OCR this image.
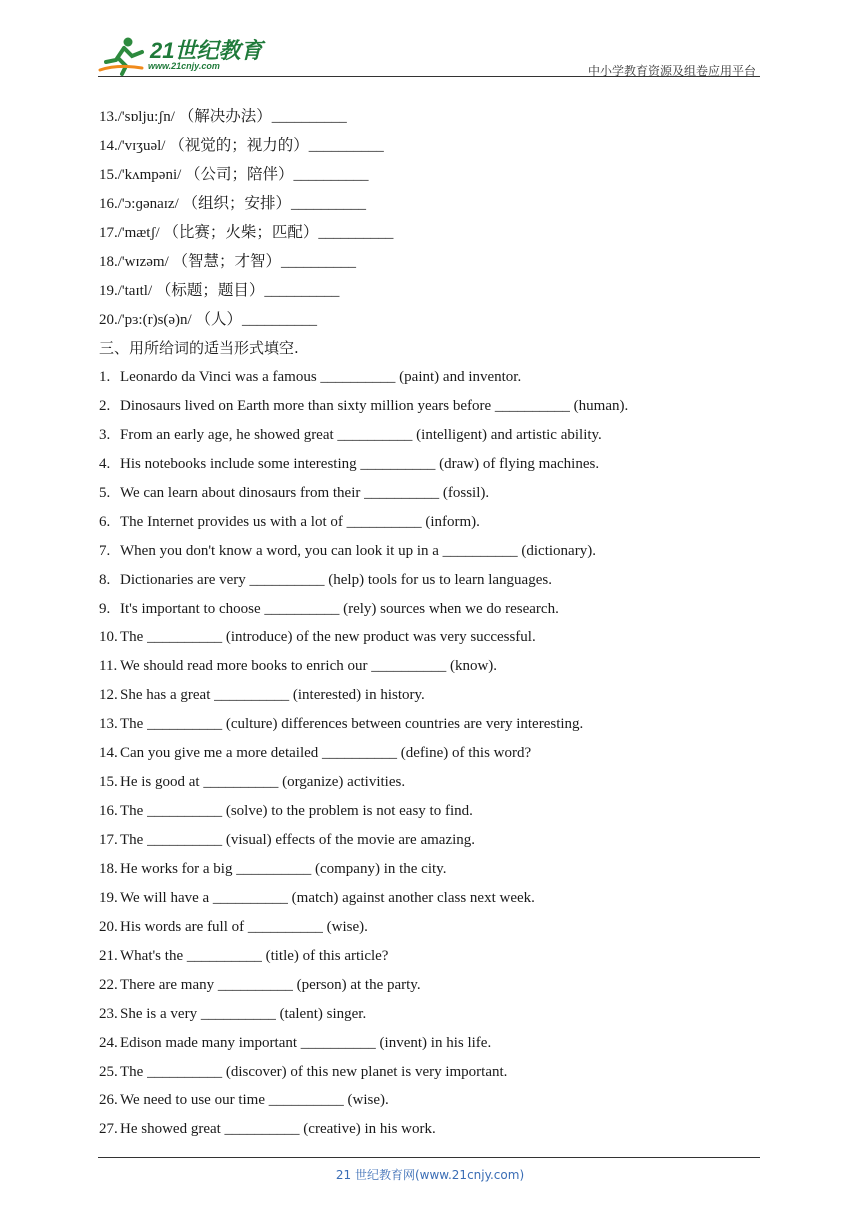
21世纪教育
www.21cnjy.com	中小学教育资源及组卷应用平台
13./'sɒlju:ʃn/ （解决办法）__________
14./'vɪʒuəl/ （视觉的；视力的）__________
15./'kʌmpəni/ （公司；陪伴）__________
16./'ɔ:ɡənaɪz/ （组织；安排）__________
17./'mætʃ/ （比赛；火柴；匹配）__________
18./'wɪzəm/ （智慧；才智）__________
19./'taɪtl/ （标题；题目）__________
20./'pɜ:(r)s(ə)n/ （人）__________
三、用所给词的适当形式填空.
1. Leonardo da Vinci was a famous __________ (paint) and inventor.
2. Dinosaurs lived on Earth more than sixty million years before __________ (human).
3. From an early age, he showed great __________ (intelligent) and artistic ability.
4. His notebooks include some interesting __________ (draw) of flying machines.
5. We can learn about dinosaurs from their __________ (fossil).
6. The Internet provides us with a lot of __________ (inform).
7. When you don't know a word, you can look it up in a __________ (dictionary).
8. Dictionaries are very __________ (help) tools for us to learn languages.
9. It's important to choose __________ (rely) sources when we do research.
10. The __________ (introduce) of the new product was very successful.
11. We should read more books to enrich our __________ (know).
12. She has a great __________ (interested) in history.
13. The __________ (culture) differences between countries are very interesting.
14. Can you give me a more detailed __________ (define) of this word?
15. He is good at __________ (organize) activities.
16. The __________ (solve) to the problem is not easy to find.
17. The __________ (visual) effects of the movie are amazing.
18. He works for a big __________ (company) in the city.
19. We will have a __________ (match) against another class next week.
20. His words are full of __________ (wise).
21. What's the __________ (title) of this article?
22. There are many __________ (person) at the party.
23. She is a very __________ (talent) singer.
24. Edison made many important __________ (invent) in his life.
25. The __________ (discover) of this new planet is very important.
26. We need to use our time __________ (wise).
27. He showed great __________ (creative) in his work.
21 世纪教育网(www.21cnjy.com)
